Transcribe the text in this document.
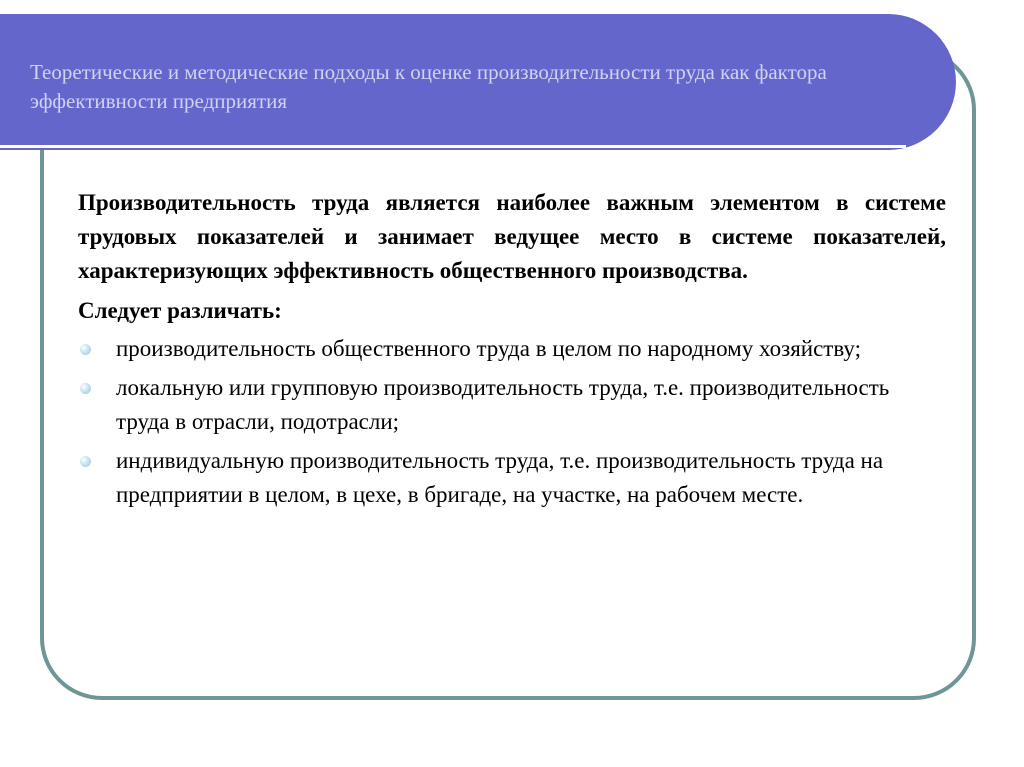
Теоретические и методические подходы к оценке производительности труда как фактора эффективности предприятия

Производительность труда является наиболее важным элементом в системе трудовых показателей и занимает ведущее место в системе показателей, характеризующих эффективность общественного производства.

Следует различать:

производительность общественного труда в целом по народному хозяйству;
локальную или групповую производительность труда, т.е. производительность труда в отрасли, подотрасли;
индивидуальную производительность труда, т.е. производительность труда на предприятии в целом, в цехе, в бригаде, на участке, на рабочем месте.
